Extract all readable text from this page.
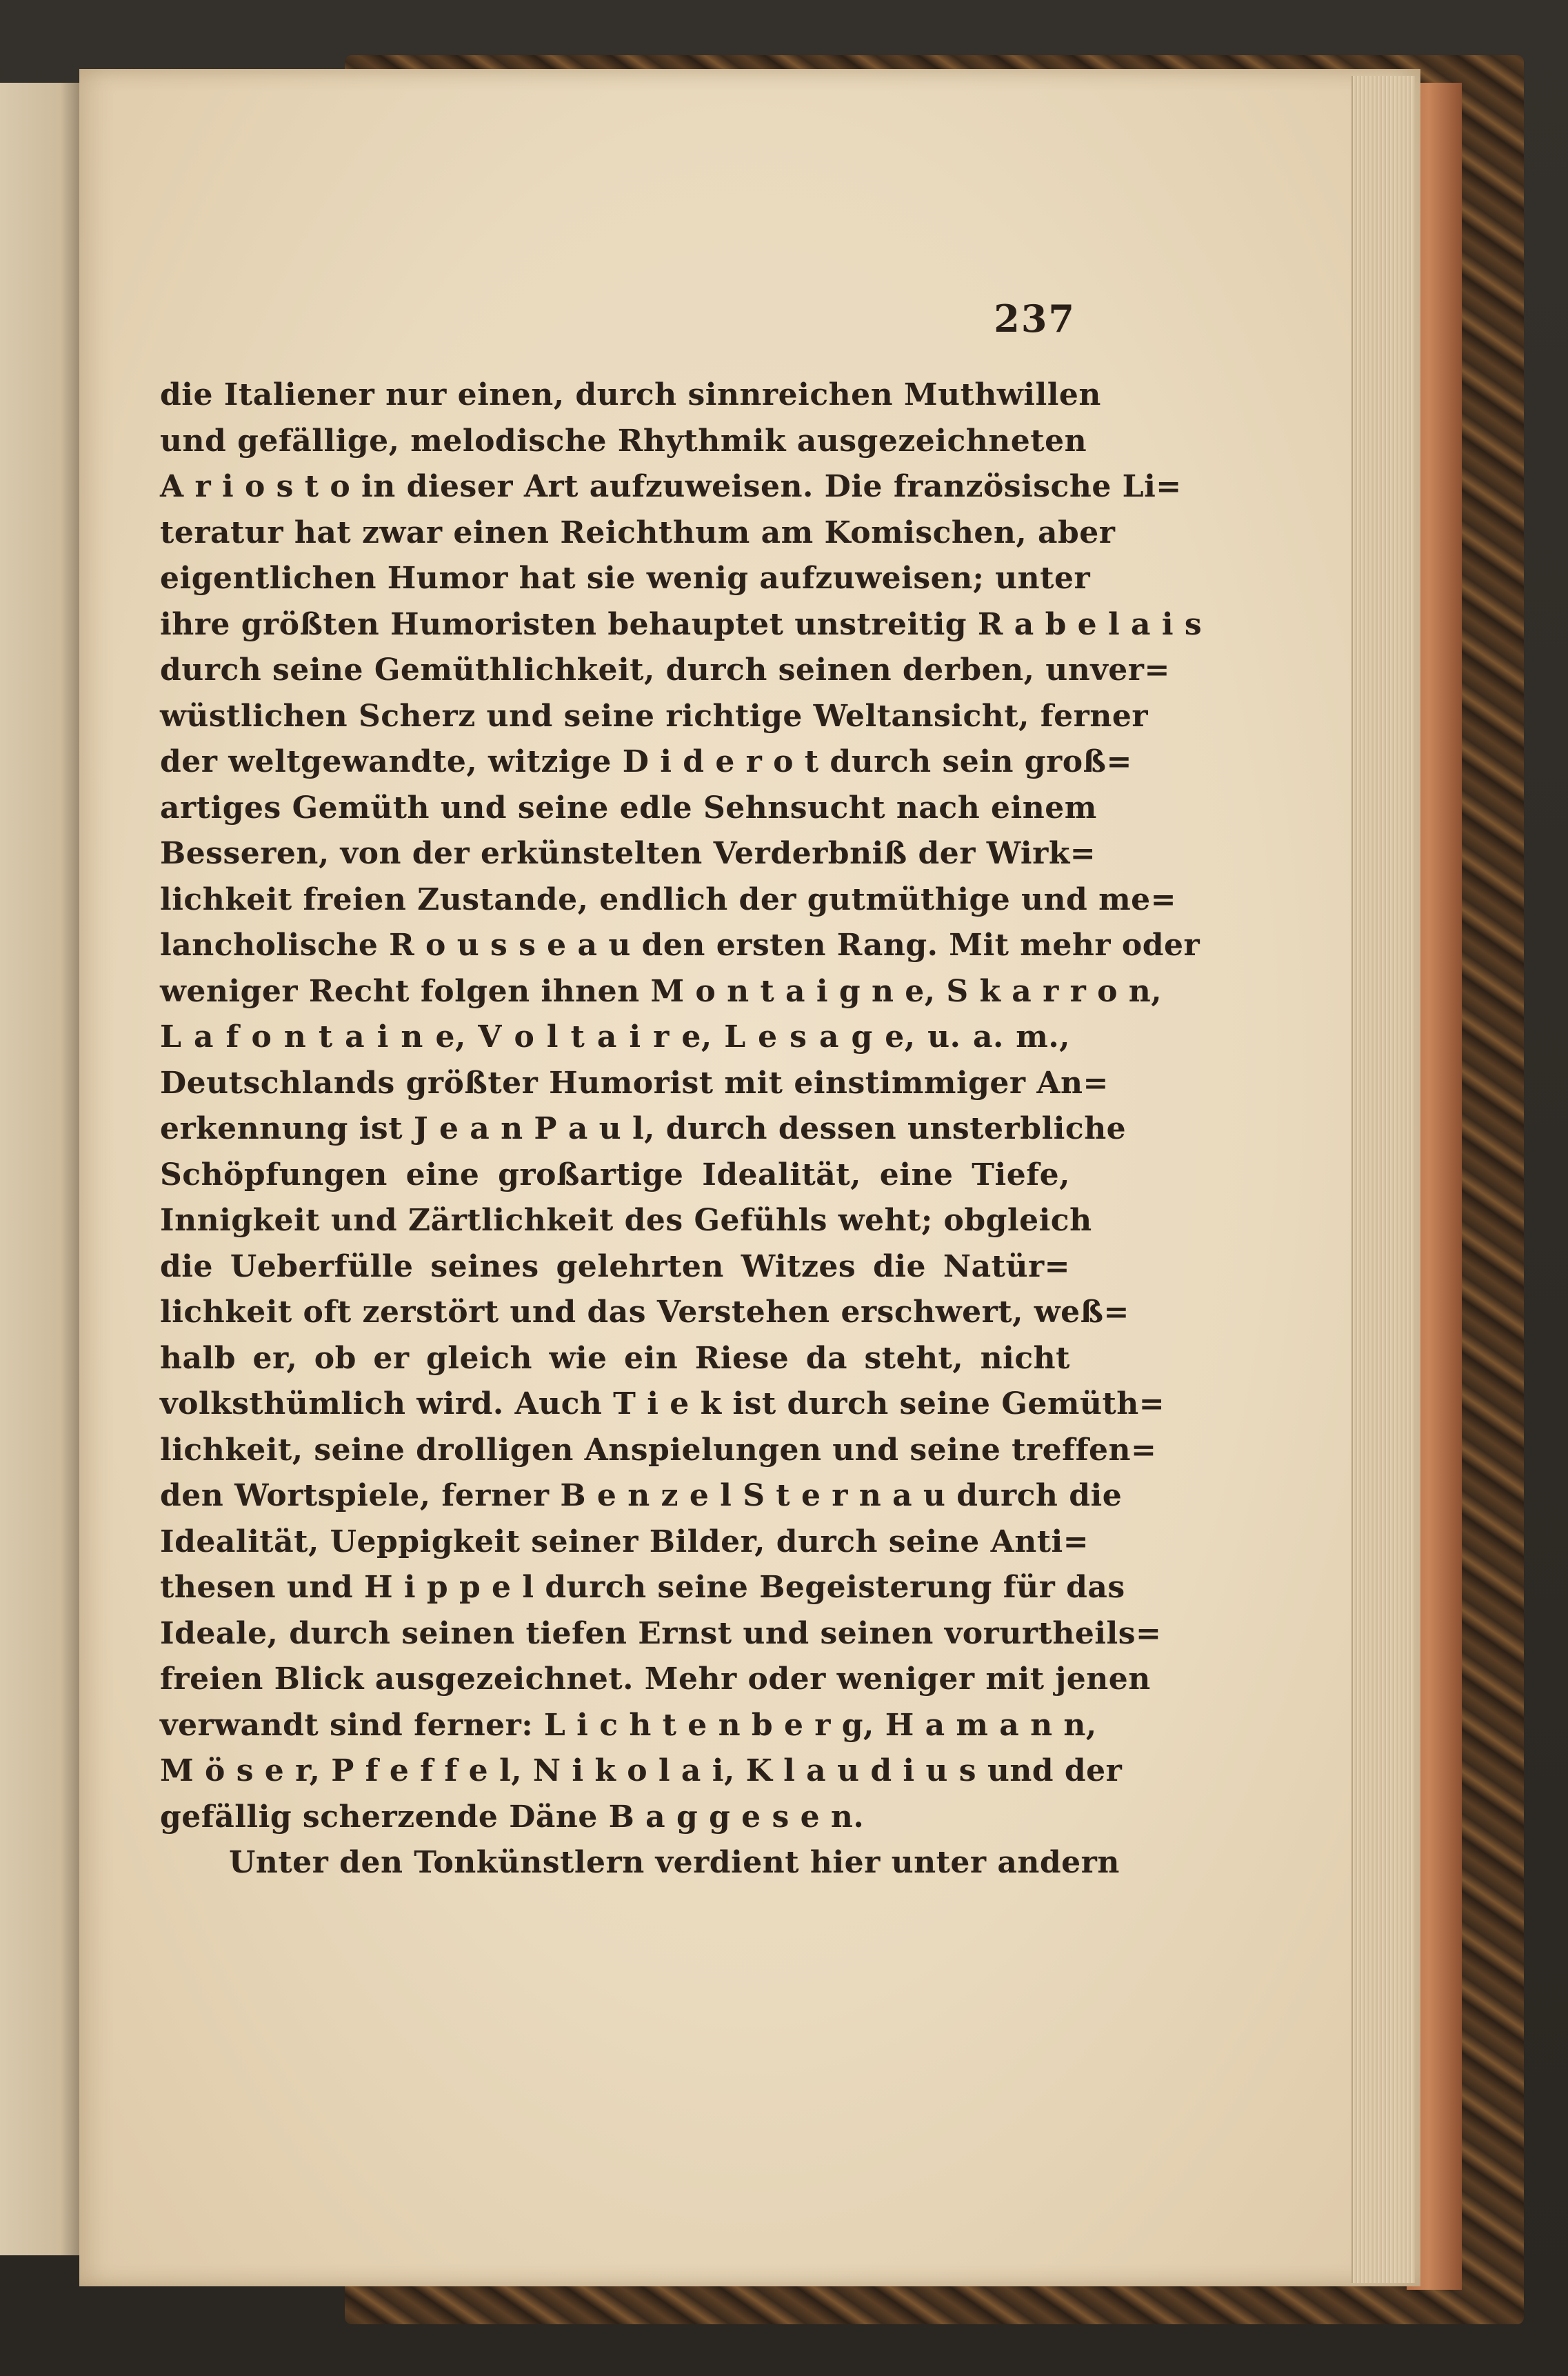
237
die Italiener nur einen, durch sinnreichen Muthwillen
und gefällige, melodische Rhythmik ausgezeichneten
A r i o s t o in dieser Art aufzuweisen. Die französische Li=
teratur hat zwar einen Reichthum am Komischen, aber
eigentlichen Humor hat sie wenig aufzuweisen; unter
ihre größten Humoristen behauptet unstreitig R a b e l a i s
durch seine Gemüthlichkeit, durch seinen derben, unver=
wüstlichen Scherz und seine richtige Weltansicht, ferner
der weltgewandte, witzige D i d e r o t durch sein groß=
artiges Gemüth und seine edle Sehnsucht nach einem
Besseren, von der erkünstelten Verderbniß der Wirk=
lichkeit freien Zustande, endlich der gutmüthige und me=
lancholische R o u s s e a u den ersten Rang. Mit mehr oder
weniger Recht folgen ihnen M o n t a i g n e, S k a r r o n,
L a f o n t a i n e, V o l t a i r e, L e s a g e, u. a. m.,
Deutschlands größter Humorist mit einstimmiger An=
erkennung ist J e a n P a u l, durch dessen unsterbliche
Schöpfungen eine großartige Idealität, eine Tiefe,
Innigkeit und Zärtlichkeit des Gefühls weht; obgleich
die Ueberfülle seines gelehrten Witzes die Natür=
lichkeit oft zerstört und das Verstehen erschwert, weß=
halb er, ob er gleich wie ein Riese da steht, nicht
volksthümlich wird. Auch T i e k ist durch seine Gemüth=
lichkeit, seine drolligen Anspielungen und seine treffen=
den Wortspiele, ferner B e n z e l S t e r n a u durch die
Idealität, Ueppigkeit seiner Bilder, durch seine Anti=
thesen und H i p p e l durch seine Begeisterung für das
Ideale, durch seinen tiefen Ernst und seinen vorurtheils=
freien Blick ausgezeichnet. Mehr oder weniger mit jenen
verwandt sind ferner: L i c h t e n b e r g, H a m a n n,
M ö s e r, P f e f f e l, N i k o l a i, K l a u d i u s und der
gefällig scherzende Däne B a g g e s e n.
Unter den Tonkünstlern verdient hier unter andern
